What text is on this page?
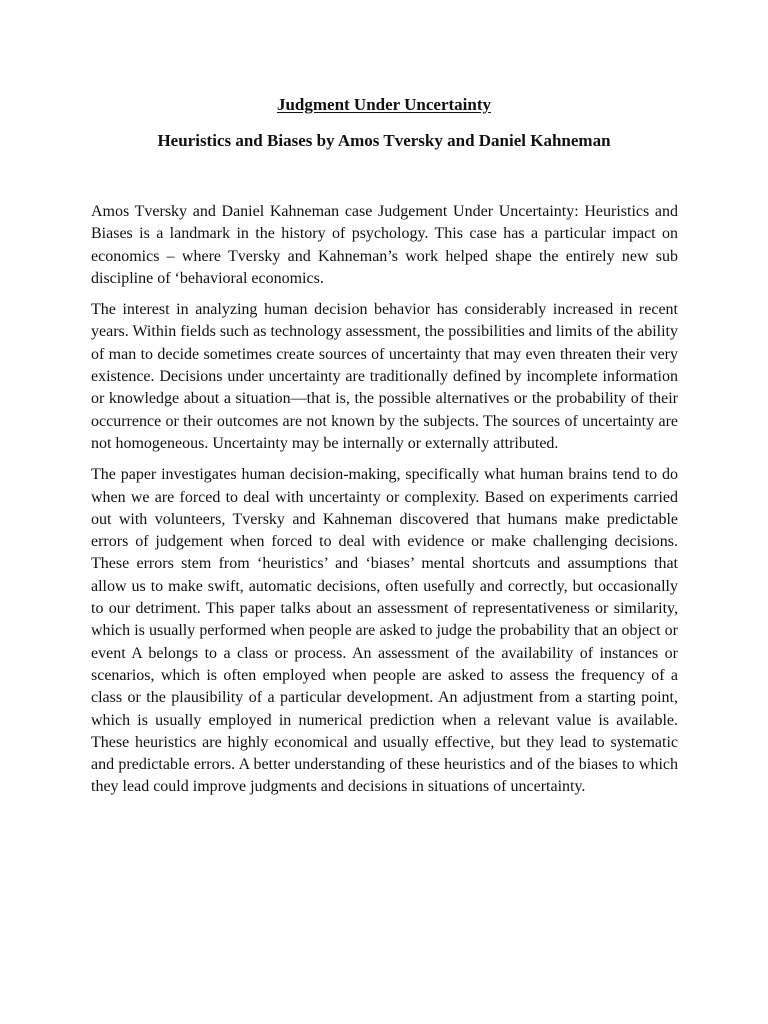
Judgment Under Uncertainty
Heuristics and Biases by Amos Tversky and Daniel Kahneman

Amos Tversky and Daniel Kahneman case Judgement Under Uncertainty: Heuristics and Biases is a landmark in the history of psychology. This case has a particular impact on economics – where Tversky and Kahneman’s work helped shape the entirely new sub discipline of ‘behavioral economics.

The interest in analyzing human decision behavior has considerably increased in recent years. Within fields such as technology assessment, the possibilities and limits of the ability of man to decide sometimes create sources of uncertainty that may even threaten their very existence. Decisions under uncertainty are traditionally defined by incomplete information or knowledge about a situation—that is, the possible alternatives or the probability of their occurrence or their outcomes are not known by the subjects. The sources of uncertainty are not homogeneous. Uncertainty may be internally or externally attributed.

The paper investigates human decision-making, specifically what human brains tend to do when we are forced to deal with uncertainty or complexity. Based on experiments carried out with volunteers, Tversky and Kahneman discovered that humans make predictable errors of judgement when forced to deal with evidence or make challenging decisions. These errors stem from ‘heuristics’ and ‘biases’ mental shortcuts and assumptions that allow us to make swift, automatic decisions, often usefully and correctly, but occasionally to our detriment. This paper talks about an assessment of representativeness or similarity, which is usually performed when people are asked to judge the probability that an object or event A belongs to a class or process. An assessment of the availability of instances or scenarios, which is often employed when people are asked to assess the frequency of a class or the plausibility of a particular development. An adjustment from a starting point, which is usually employed in numerical prediction when a relevant value is available. These heuristics are highly economical and usually effective, but they lead to systematic and predictable errors. A better understanding of these heuristics and of the biases to which they lead could improve judgments and decisions in situations of uncertainty.
